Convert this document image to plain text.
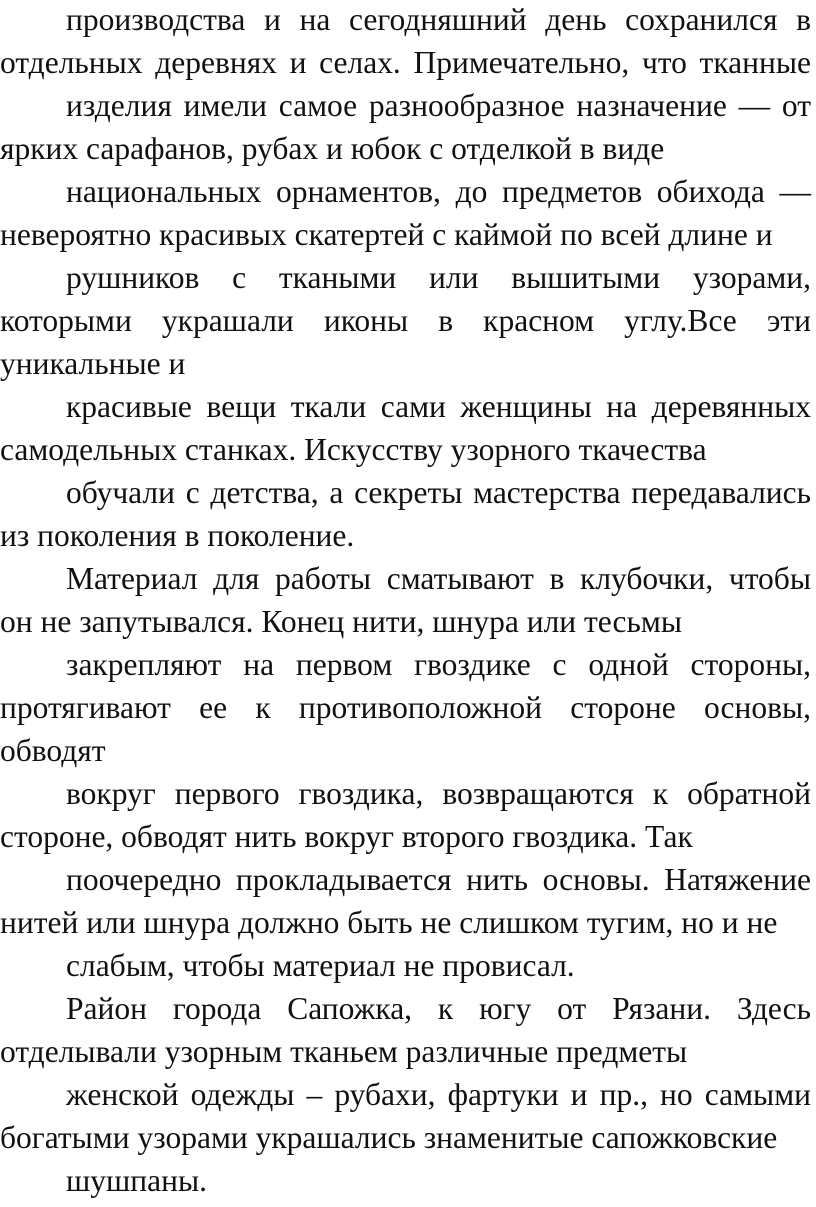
производства и на сегодняшний день сохранился в
отдельных деревнях и селах. Примечательно, что тканные
изделия имели самое разнообразное назначение — от
ярких сарафанов, рубах и юбок с отделкой в виде
национальных орнаментов, до предметов обихода —
невероятно красивых скатертей с каймой по всей длине и
рушников с ткаными или вышитыми узорами,
которыми украшали иконы в красном углу.Все эти
уникальные и
красивые вещи ткали сами женщины на деревянных
самодельных станках. Искусству узорного ткачества
обучали с детства, а секреты мастерства передавались
из поколения в поколение.
Материал для работы сматывают в клубочки, чтобы
он не запутывался. Конец нити, шнура или тесьмы
закрепляют на первом гвоздике с одной стороны,
протягивают ее к противоположной стороне основы,
обводят
вокруг первого гвоздика, возвращаются к обратной
стороне, обводят нить вокруг второго гвоздика. Так
поочередно прокладывается нить основы. Натяжение
нитей или шнура должно быть не слишком тугим, но и не
слабым, чтобы материал не провисал.
Район города Сапожка, к югу от Рязани. Здесь
отделывали узорным тканьем различные предметы
женской одежды – рубахи, фартуки и пр., но самыми
богатыми узорами украшались знаменитые сапожковские
шушпаны.
